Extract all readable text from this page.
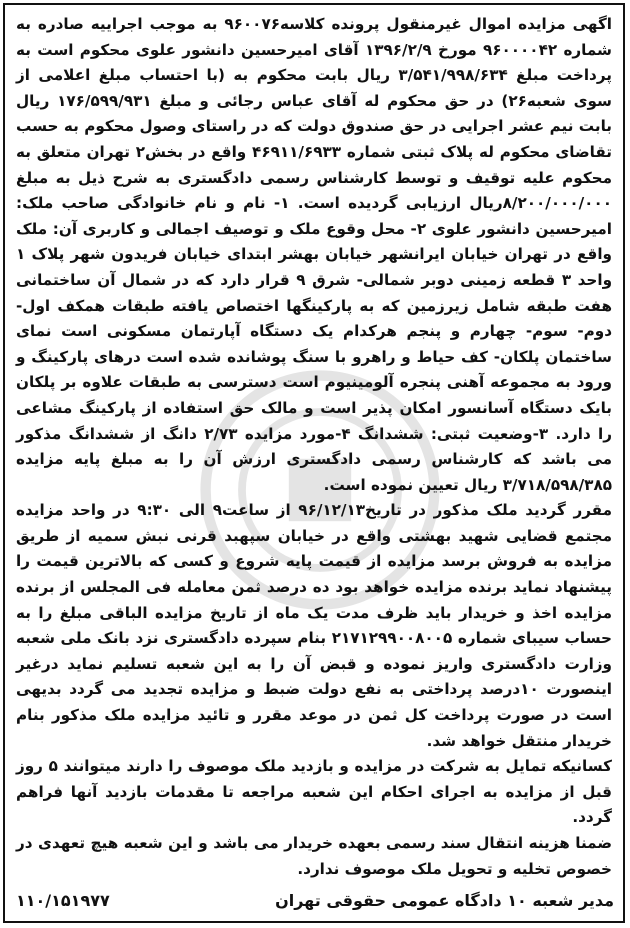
اگهی مزایده اموال غیرمنقول پرونده کلاسه۹۶۰۰۷۶ به موجب اجراییه صادره به شماره ۹۶۰۰۰۰۴۲ مورخ ۱۳۹۶/۲/۹ آقای امیرحسین دانشور علوی محکوم است به پرداخت مبلغ ۳/۵۴۱/۹۹۸/۶۳۴ ریال بابت محکوم به (با احتساب مبلغ اعلامی از سوی شعبه۲۶) در حق محکوم له آقای عباس رجائی و مبلغ ۱۷۶/۵۹۹/۹۳۱ ریال بابت نیم عشر اجرایی در حق صندوق دولت که در راستای وصول محکوم به حسب تقاضای محکوم له پلاک ثبتی شماره ۴۶۹۱۱/۶۹۳۳ واقع در بخش۲ تهران متعلق به محکوم علیه توقیف و توسط کارشناس رسمی دادگستری به شرح ذیل به مبلغ ۸/۲۰۰/۰۰۰/۰۰۰ریال ارزیابی گردیده است. ۱- نام و نام خانوادگی صاحب ملک: امیرحسین دانشور علوی ۲- محل وقوع ملک و توصیف اجمالی و کاربری آن: ملک واقع در تهران خیابان ایرانشهر خیابان بهشر ابتدای خیابان فریدون شهر پلاک ۱ واحد ۳ قطعه زمینی دوبر شمالی- شرق ۹ قرار دارد که در شمال آن ساختمانی هفت طبقه شامل زیرزمین که به پارکینگها اختصاص یافته طبقات همکف اول- دوم- سوم- چهارم و پنجم هرکدام یک دستگاه آپارتمان مسکونی است نمای ساختمان پلکان- کف حیاط و راهرو با سنگ پوشانده شده است درهای پارکینگ و ورود به مجموعه آهنی پنجره آلومینیوم است دسترسی به طبقات علاوه بر پلکان بایک دستگاه آسانسور امکان پذیر است و مالک حق استفاده از پارکینگ مشاعی را دارد. ۳-وضعیت ثبتی: ششدانگ ۴-مورد مزایده ۲/۷۳ دانگ از ششدانگ مذکور می باشد که کارشناس رسمی دادگستری ارزش آن را به مبلغ پایه مزایده ۳/۷۱۸/۵۹۸/۳۸۵ ریال تعیین نموده است.

مقرر گردید ملک مذکور در تاریخ۹۶/۱۲/۱۳ از ساعت۹ الی ۹:۳۰ در واحد مزایده مجتمع قضایی شهید بهشتی واقع در خیابان سپهبد قرنی نبش سمیه از طریق مزایده به فروش برسد مزایده از قیمت پایه شروع و کسی که بالاترین قیمت را پیشنهاد نماید برنده مزایده خواهد بود ده درصد ثمن معامله فی المجلس از برنده مزایده اخذ و خریدار باید ظرف مدت یک ماه از تاریخ مزایده الباقی مبلغ را به حساب سیبای شماره ۲۱۷۱۲۹۹۰۰۸۰۰۵ بنام سپرده دادگستری نزد بانک ملی شعبه وزارت دادگستری واریز نموده و قبض آن را به این شعبه تسلیم نماید درغیر اینصورت ۱۰درصد پرداختی به نفع دولت ضبط و مزایده تجدید می گردد بدیهی است در صورت پرداخت کل ثمن در موعد مقرر و تائید مزایده ملک مذکور بنام خریدار منتقل خواهد شد.

کسانیکه تمایل به شرکت در مزایده و بازدید ملک موصوف را دارند میتوانند ۵ روز قبل از مزایده به اجرای احکام این شعبه مراجعه تا مقدمات بازدید آنها فراهم گردد.

ضمنا هزینه انتقال سند رسمی بعهده خریدار می باشد و این شعبه هیچ تعهدی در خصوص تخلیه و تحویل ملک موصوف ندارد.

مدیر شعبه ۱۰ دادگاه عمومی حقوقی تهران
۱۱۰/۱۵۱۹۷۷
